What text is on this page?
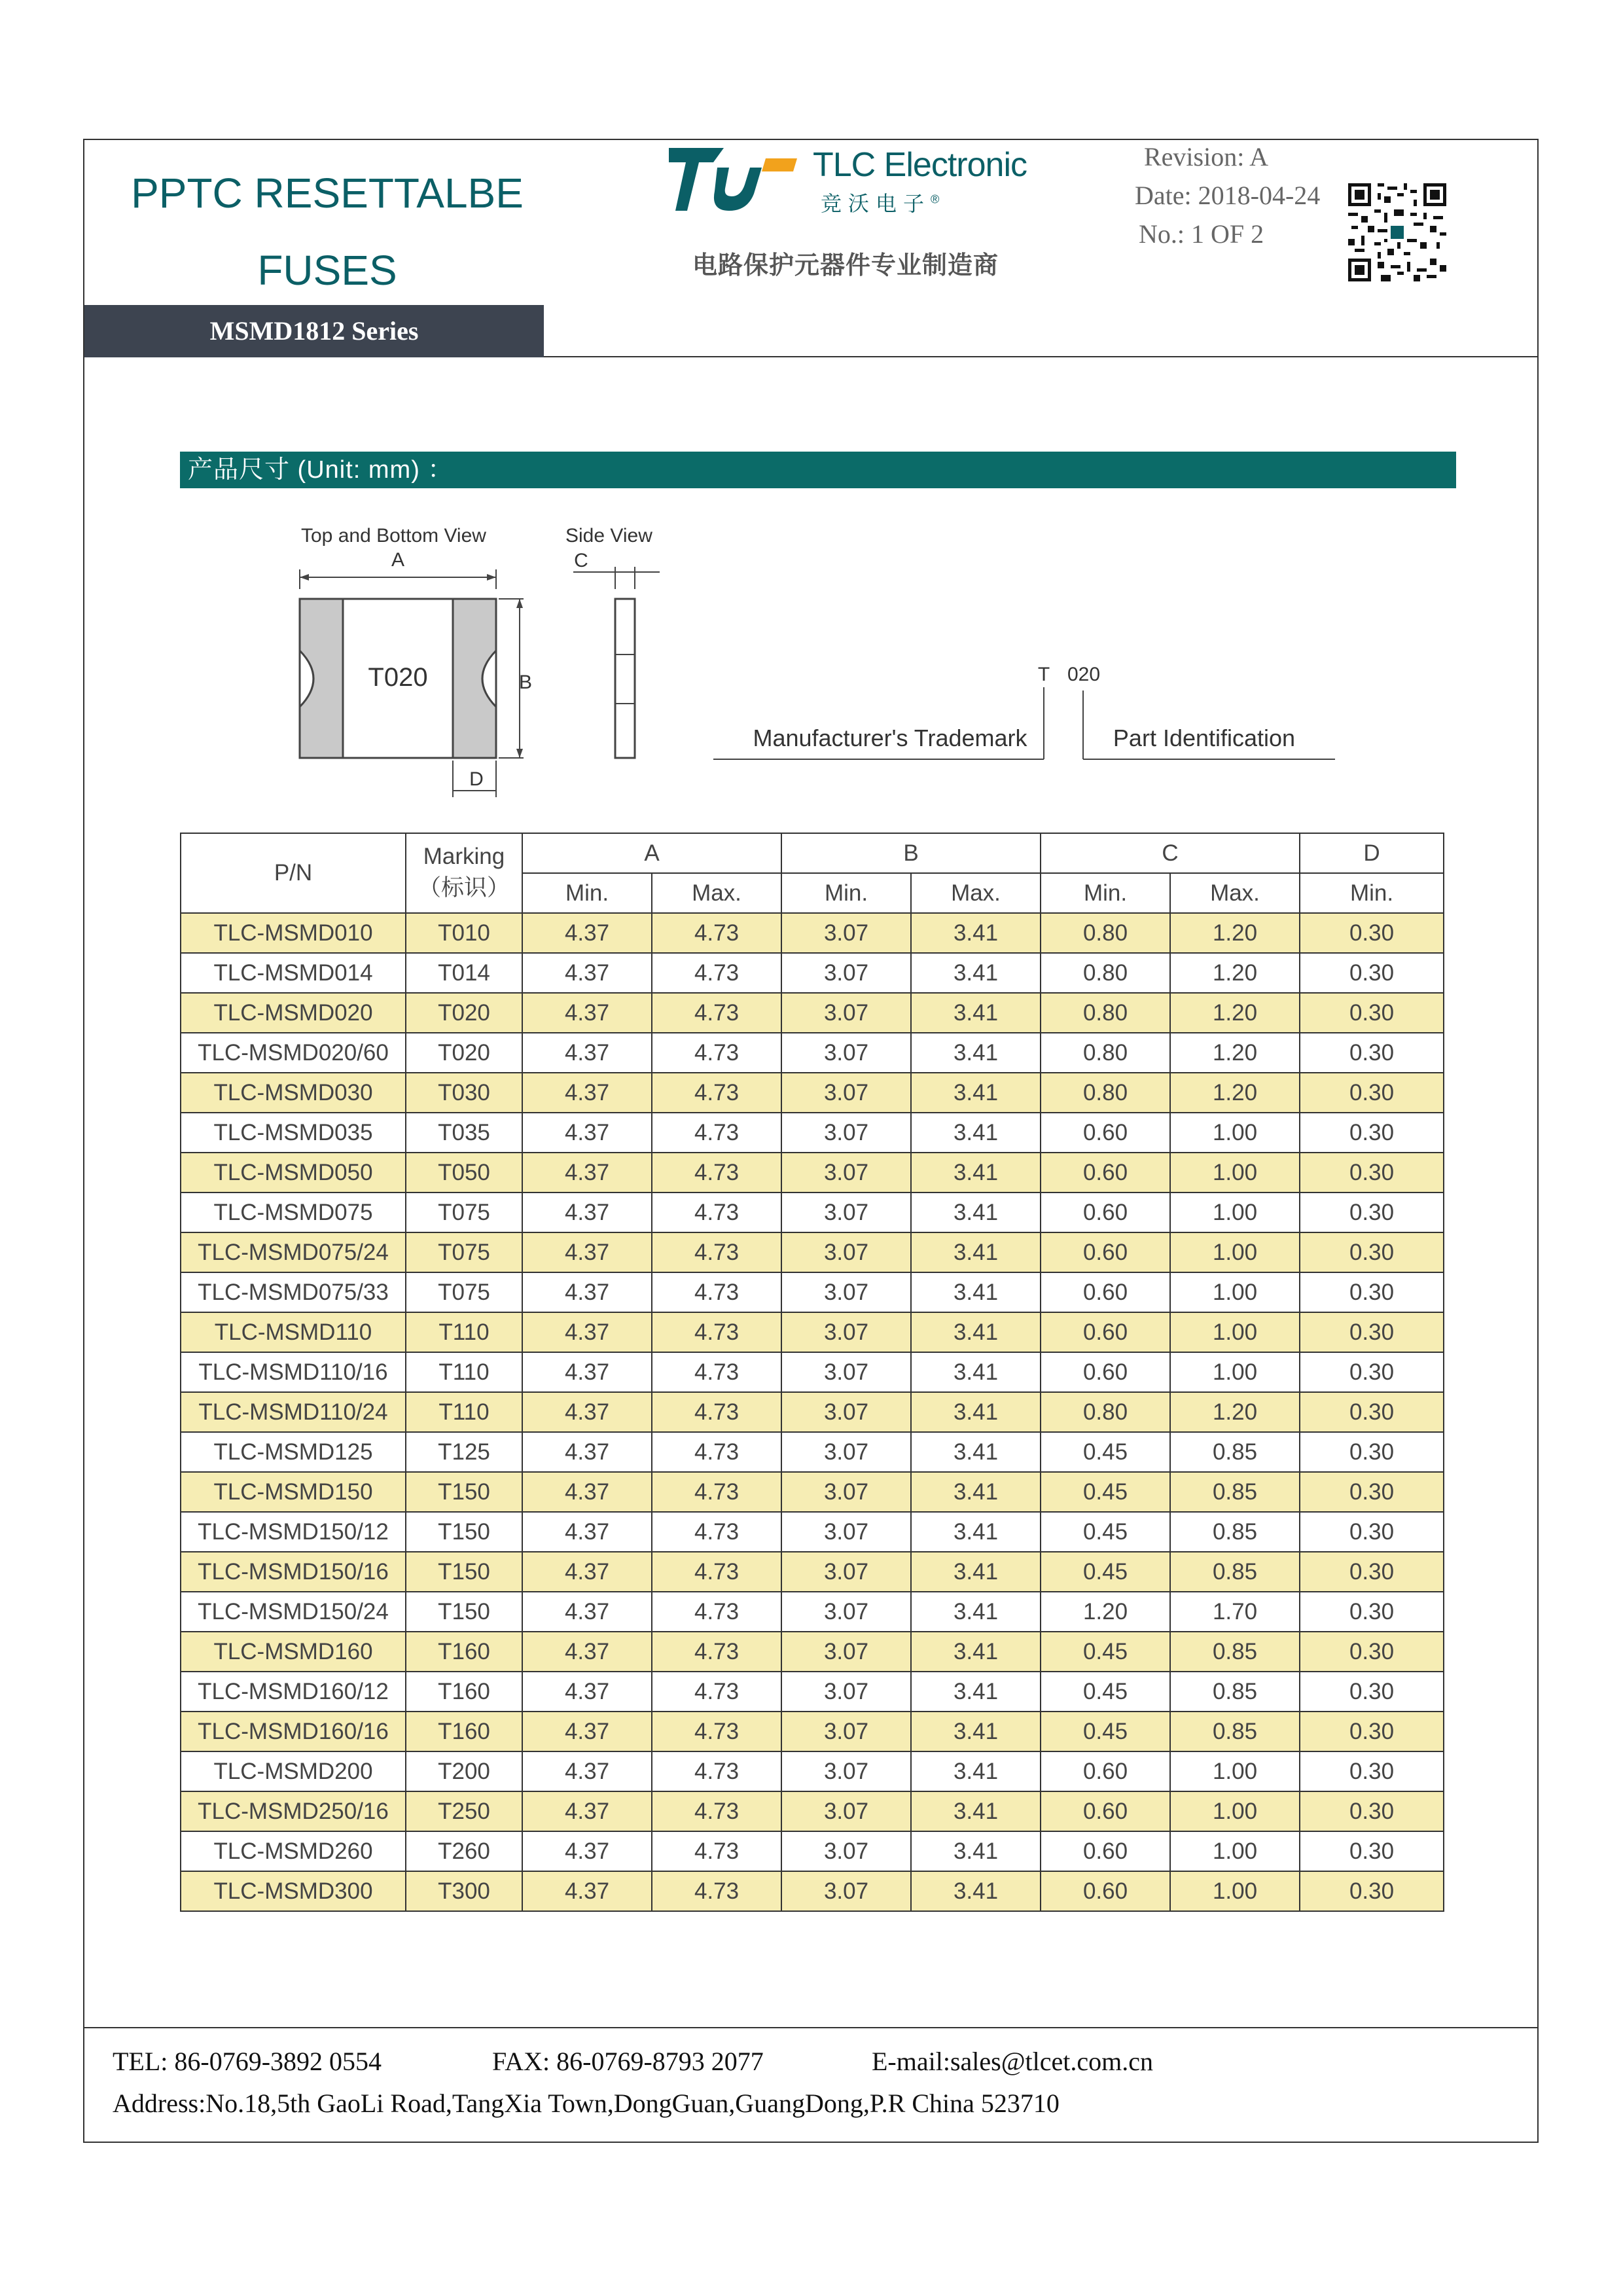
PPTC RESETTALBE
FUSES
MSMD1812 Series
TLC Electronic
竞沃电子®
电路保护元器件专业制造商
Revision: A
Date: 2018-04-24
No.: 1 OF 2
产品尺寸 (Unit: mm) ：
Top and Bottom View	Side View
A
T020	B
D
C
T 020
Manufacturer's Trademark	Part Identification
P/N	Marking
（标识）	A		B		C		D
		Min.	Max.	Min.	Max.	Min.	Max.	Min.
TLC-MSMD010	T010	4.37	4.73	3.07	3.41	0.80	1.20	0.30
TLC-MSMD014	T014	4.37	4.73	3.07	3.41	0.80	1.20	0.30
TLC-MSMD020	T020	4.37	4.73	3.07	3.41	0.80	1.20	0.30
TLC-MSMD020/60	T020	4.37	4.73	3.07	3.41	0.80	1.20	0.30
TLC-MSMD030	T030	4.37	4.73	3.07	3.41	0.80	1.20	0.30
TLC-MSMD035	T035	4.37	4.73	3.07	3.41	0.60	1.00	0.30
TLC-MSMD050	T050	4.37	4.73	3.07	3.41	0.60	1.00	0.30
TLC-MSMD075	T075	4.37	4.73	3.07	3.41	0.60	1.00	0.30
TLC-MSMD075/24	T075	4.37	4.73	3.07	3.41	0.60	1.00	0.30
TLC-MSMD075/33	T075	4.37	4.73	3.07	3.41	0.60	1.00	0.30
TLC-MSMD110	T110	4.37	4.73	3.07	3.41	0.60	1.00	0.30
TLC-MSMD110/16	T110	4.37	4.73	3.07	3.41	0.60	1.00	0.30
TLC-MSMD110/24	T110	4.37	4.73	3.07	3.41	0.80	1.20	0.30
TLC-MSMD125	T125	4.37	4.73	3.07	3.41	0.45	0.85	0.30
TLC-MSMD150	T150	4.37	4.73	3.07	3.41	0.45	0.85	0.30
TLC-MSMD150/12	T150	4.37	4.73	3.07	3.41	0.45	0.85	0.30
TLC-MSMD150/16	T150	4.37	4.73	3.07	3.41	0.45	0.85	0.30
TLC-MSMD150/24	T150	4.37	4.73	3.07	3.41	1.20	1.70	0.30
TLC-MSMD160	T160	4.37	4.73	3.07	3.41	0.45	0.85	0.30
TLC-MSMD160/12	T160	4.37	4.73	3.07	3.41	0.45	0.85	0.30
TLC-MSMD160/16	T160	4.37	4.73	3.07	3.41	0.45	0.85	0.30
TLC-MSMD200	T200	4.37	4.73	3.07	3.41	0.60	1.00	0.30
TLC-MSMD250/16	T250	4.37	4.73	3.07	3.41	0.60	1.00	0.30
TLC-MSMD260	T260	4.37	4.73	3.07	3.41	0.60	1.00	0.30
TLC-MSMD300	T300	4.37	4.73	3.07	3.41	0.60	1.00	0.30
TEL: 86-0769-3892 0554	FAX: 86-0769-8793 2077	E-mail:sales@tlcet.com.cn
Address:No.18,5th GaoLi Road,TangXia Town,DongGuan,GuangDong,P.R China 523710
